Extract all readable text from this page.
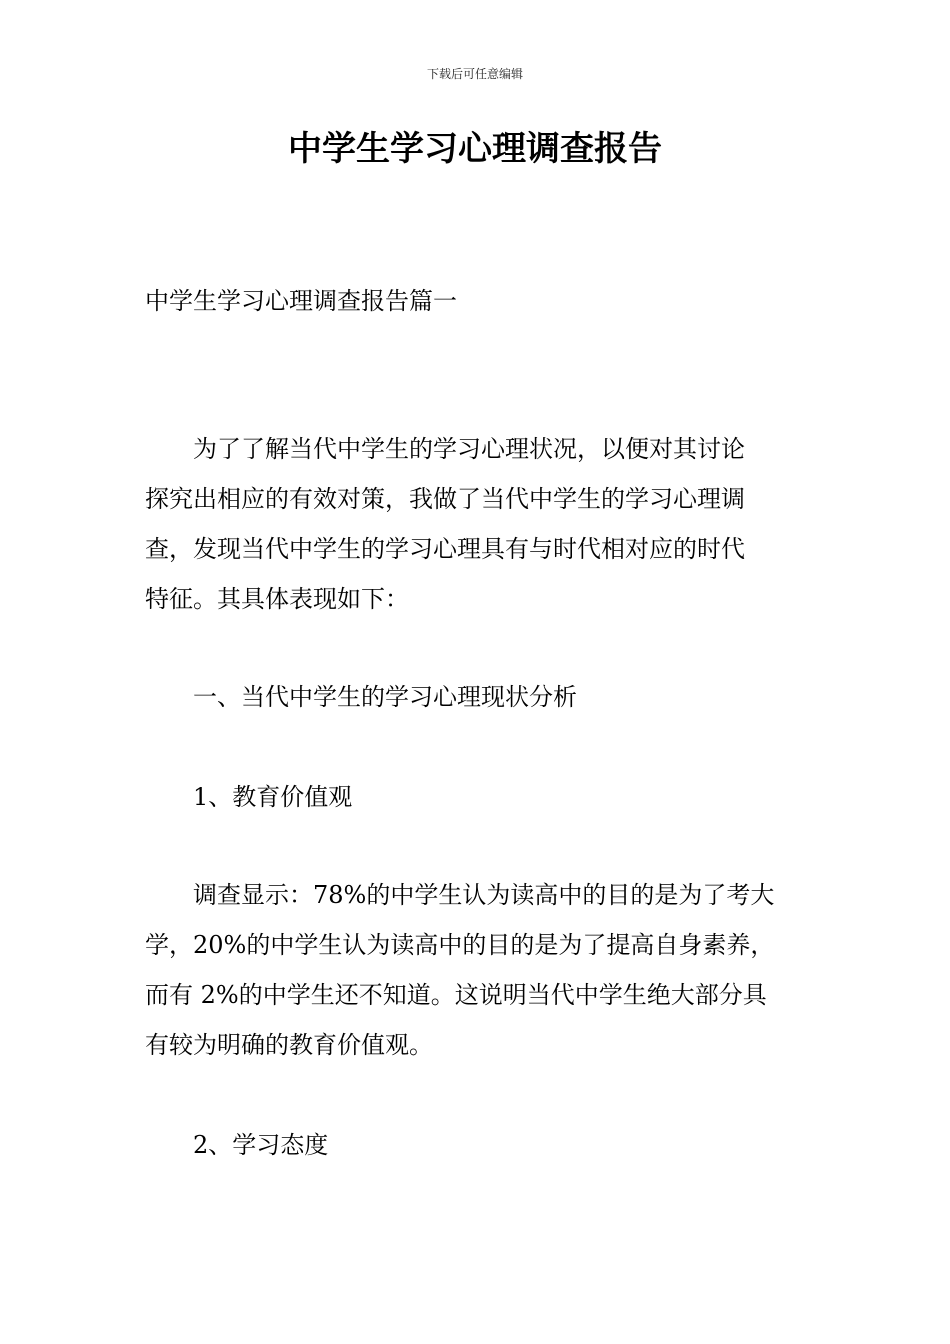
下载后可任意编辑
中学生学习心理调查报告
中学生学习心理调查报告篇一
　　为了了解当代中学生的学习心理状况，以便对其讨论
探究出相应的有效对策，我做了当代中学生的学习心理调
查，发现当代中学生的学习心理具有与时代相对应的时代
特征。其具体表现如下：
　　一、当代中学生的学习心理现状分析
　　1、教育价值观
　　调查显示：78%的中学生认为读高中的目的是为了考大
学，20%的中学生认为读高中的目的是为了提高自身素养，
而有 2%的中学生还不知道。这说明当代中学生绝大部分具
有较为明确的教育价值观。
　　2、学习态度
